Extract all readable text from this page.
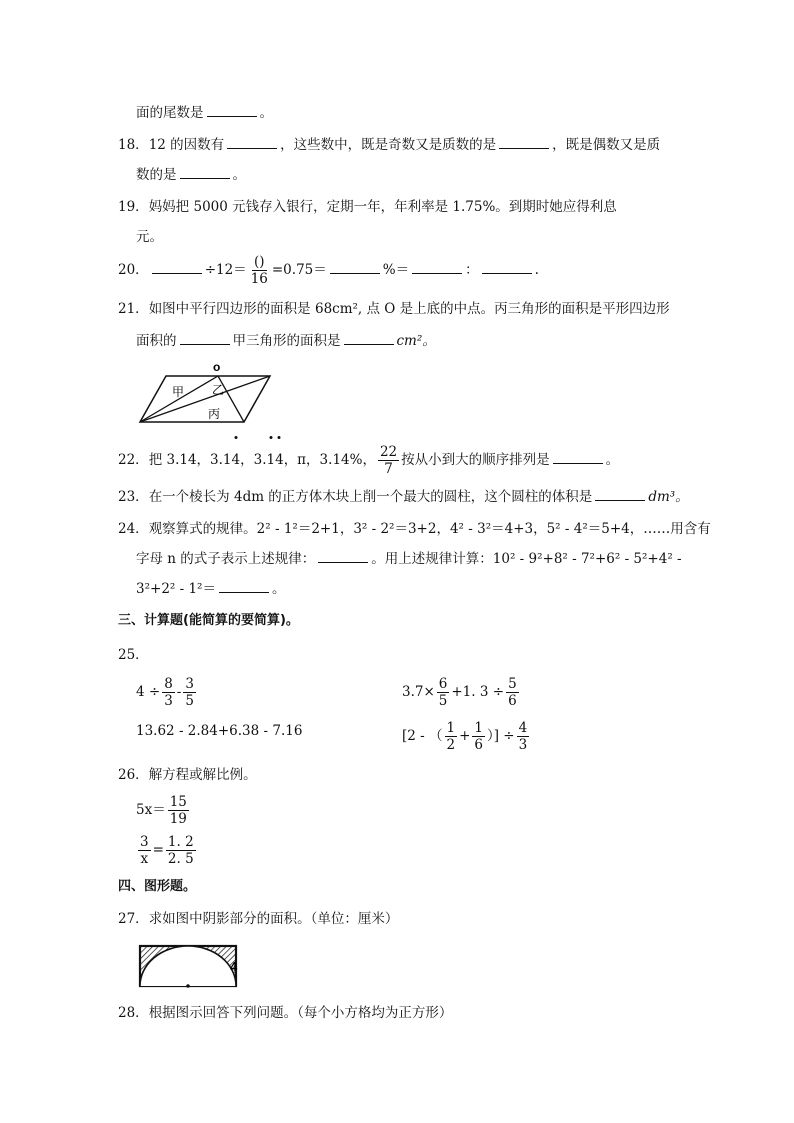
面的尾数是	。
18．12 的因数有	，这些数中，既是奇数又是质数的是	，既是偶数又是质
数的是	。
19．妈妈把 5000 元钱存入银行，定期一年，年利率是 1.75%。到期时她应得利息
元。
20．	$\div 12= \frac{()}{16} =0.75=$	%＝	：	.
21．如图中平行四边形的面积是 68cm², 点 O 是上底的中点。丙三角形的面积是平形四边形
面积的	甲三角形的面积是	cm²。
o
甲 乙
丙
22．把 3.14，3.14，3.14，π，3.14%， $\frac{22}{7}$ 按从小到大的顺序排列是	。
23．在一个棱长为 4dm 的正方体木块上削一个最大的圆柱，这个圆柱的体积是	dm³。
24．观察算式的规律。2² - 1²＝2+1，3² - 2²＝3+2，4² - 3²＝4+3，5² - 4²＝5+4，……用含有
字母 n 的式子表示上述规律：	。用上述规律计算：10² - 9²+8² - 7²+6² - 5²+4² -
3²+2² - 1²＝	。
三、计算题(能简算的要简算)。
25．
$4 \div \frac{8}{3} - \frac{3}{5}$	$3.7\times \frac{6}{5} +1$. $3 \div \frac{5}{6}$
13.62 - 2.84+6.38 - 7.16	[2 - （ $\frac{1}{2} + \frac{1}{6}$ ）] ÷ $\frac{4}{3}$
26．解方程或解比例。
$5x= \frac{15}{19}$
$\frac{3}{x} = \frac{1. 2}{2. 5}$
四、图形题。
27．求如图中阴影部分的面积。（单位：厘米）
4
28．根据图示回答下列问题。（每个小方格均为正方形）
